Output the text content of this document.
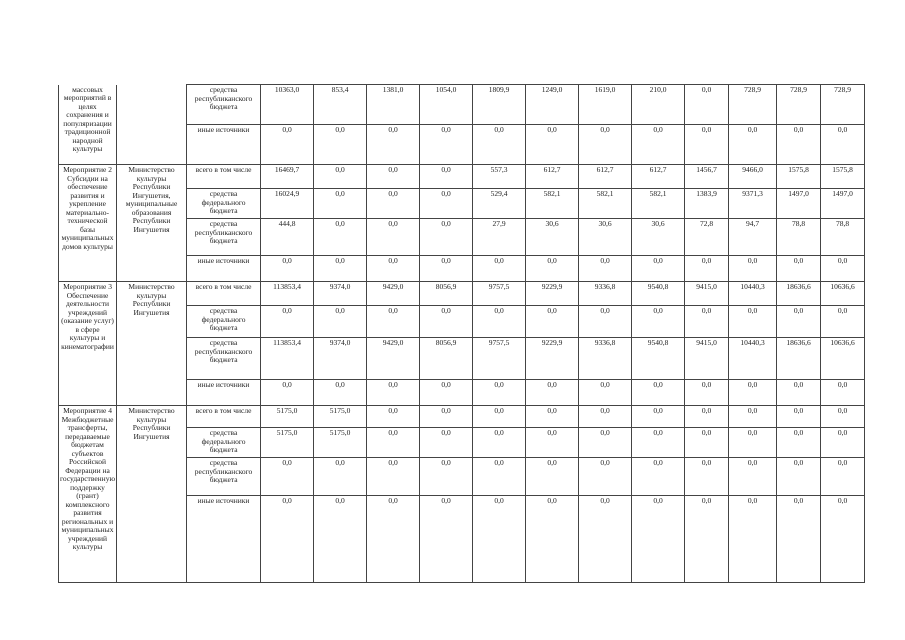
массовых мероприятий в целях сохранения и популяризации традиционной народной культуры		средства республиканского бюджета	10363,0	853,4	1381,0	1054,0	1809,9	1249,0	1619,0	210,0	0,0	728,9	728,9	728,9
		иные источники	0,0	0,0	0,0	0,0	0,0	0,0	0,0	0,0	0,0	0,0	0,0	0,0
Мероприятие 2 Субсидии на обеспечение развития и укрепление материально-технической базы муниципальных домов культуры	Министерство культуры Республики Ингушетия, муниципальные образования Республики Ингушетия	всего в том числе	16469,7	0,0	0,0	0,0	557,3	612,7	612,7	612,7	1456,7	9466,0	1575,8	1575,8
		средства федерального бюджета	16024,9	0,0	0,0	0,0	529,4	582,1	582,1	582,1	1383,9	9371,3	1497,0	1497,0
		средства республиканского бюджета	444,8	0,0	0,0	0,0	27,9	30,6	30,6	30,6	72,8	94,7	78,8	78,8
		иные источники	0,0	0,0	0,0	0,0	0,0	0,0	0,0	0,0	0,0	0,0	0,0	0,0
Мероприятие 3 Обеспечение деятельности учреждений (оказание услуг) в сфере культуры и кинематографии	Министерство культуры Республики Ингушетия	всего в том числе	113853,4	9374,0	9429,0	8056,9	9757,5	9229,9	9336,8	9540,8	9415,0	10440,3	18636,6	10636,6
		средства федерального бюджета	0,0	0,0	0,0	0,0	0,0	0,0	0,0	0,0	0,0	0,0	0,0	0,0
		средства республиканского бюджета	113853,4	9374,0	9429,0	8056,9	9757,5	9229,9	9336,8	9540,8	9415,0	10440,3	18636,6	10636,6
		иные источники	0,0	0,0	0,0	0,0	0,0	0,0	0,0	0,0	0,0	0,0	0,0	0,0
Мероприятие 4 Межбюджетные трансферты, передаваемые бюджетам субъектов Российской Федерации на государственную поддержку (грант) комплексного развития региональных и муниципальных учреждений культуры	Министерство культуры Республики Ингушетия	всего в том числе	5175,0	5175,0	0,0	0,0	0,0	0,0	0,0	0,0	0,0	0,0	0,0	0,0
		средства федерального бюджета	5175,0	5175,0	0,0	0,0	0,0	0,0	0,0	0,0	0,0	0,0	0,0	0,0
		средства республиканского бюджета	0,0	0,0	0,0	0,0	0,0	0,0	0,0	0,0	0,0	0,0	0,0	0,0
		иные источники	0,0	0,0	0,0	0,0	0,0	0,0	0,0	0,0	0,0	0,0	0,0	0,0
